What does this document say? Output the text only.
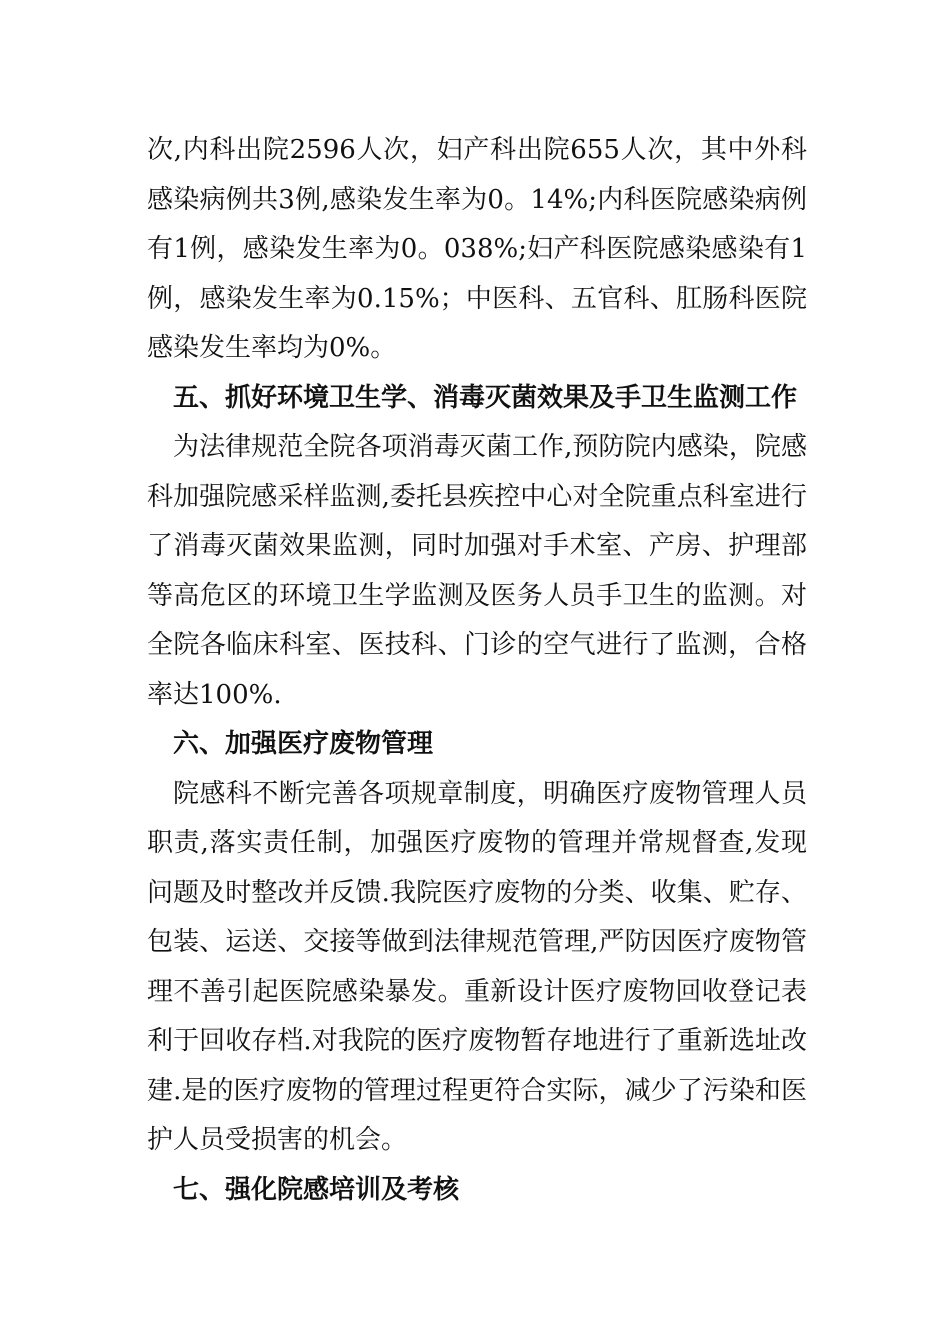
次,内科出院2596人次，妇产科出院655人次，其中外科感染病例共3例,感染发生率为0。14%;内科医院感染病例有1例，感染发生率为0。038%;妇产科医院感染感染有1例，感染发生率为0.15%；中医科、五官科、肛肠科医院感染发生率均为0%。

五、抓好环境卫生学、消毒灭菌效果及手卫生监测工作

为法律规范全院各项消毒灭菌工作,预防院内感染，院感科加强院感采样监测,委托县疾控中心对全院重点科室进行了消毒灭菌效果监测，同时加强对手术室、产房、护理部等高危区的环境卫生学监测及医务人员手卫生的监测。对全院各临床科室、医技科、门诊的空气进行了监测，合格率达100%.

六、加强医疗废物管理

院感科不断完善各项规章制度，明确医疗废物管理人员职责,落实责任制，加强医疗废物的管理并常规督查,发现问题及时整改并反馈.我院医疗废物的分类、收集、贮存、包装、运送、交接等做到法律规范管理,严防因医疗废物管理不善引起医院感染暴发。重新设计医疗废物回收登记表利于回收存档.对我院的医疗废物暂存地进行了重新选址改建.是的医疗废物的管理过程更符合实际，减少了污染和医护人员受损害的机会。

七、强化院感培训及考核
